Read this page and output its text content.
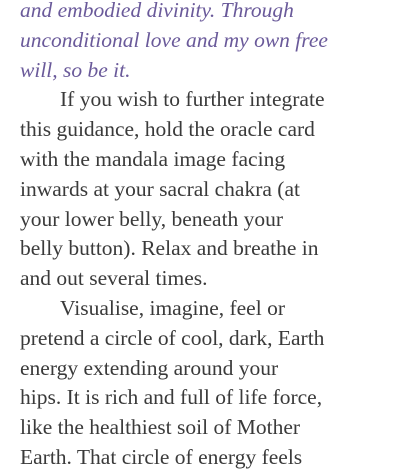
and embodied divinity. Through
unconditional love and my own free
will, so be it.
If you wish to further integrate
this guidance, hold the oracle card
with the mandala image facing
inwards at your sacral chakra (at
your lower belly, beneath your
belly button). Relax and breathe in
and out several times.
Visualise, imagine, feel or
pretend a circle of cool, dark, Earth
energy extending around your
hips. It is rich and full of life force,
like the healthiest soil of Mother
Earth. That circle of energy feels
